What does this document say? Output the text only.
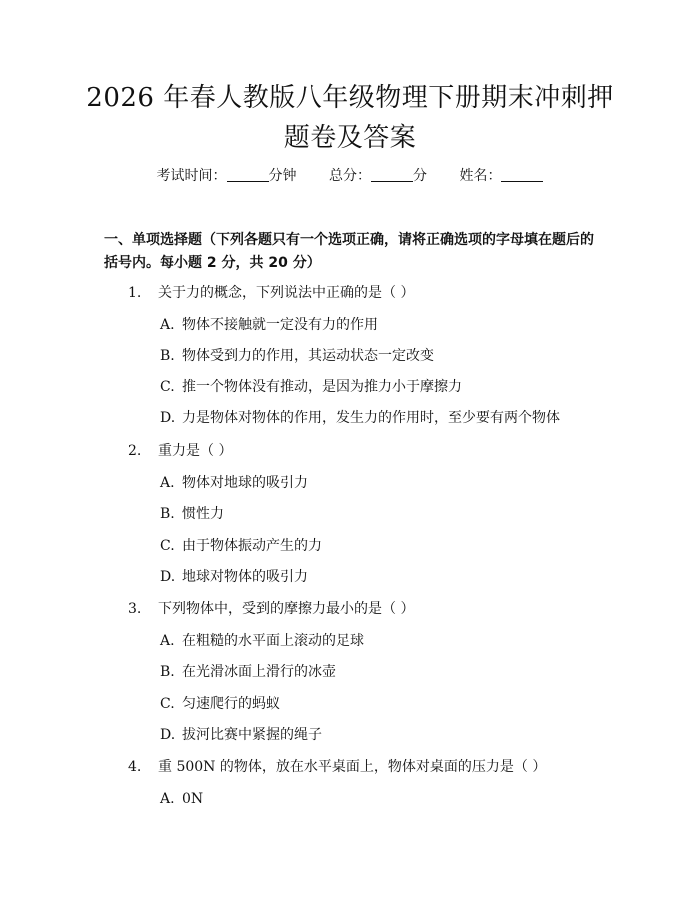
2026 年春人教版八年级物理下册期末冲刺押
题卷及答案
考试时间：	分钟 总分：	分 姓名：
一、单项选择题（下列各题只有一个选项正确，请将正确选项的字母填在题后的括号内。每小题 2 分，共 20 分）
1. 关于力的概念，下列说法中正确的是（ ）
A. 物体不接触就一定没有力的作用
B. 物体受到力的作用，其运动状态一定改变
C. 推一个物体没有推动，是因为推力小于摩擦力
D. 力是物体对物体的作用，发生力的作用时，至少要有两个物体
2. 重力是（ ）
A. 物体对地球的吸引力
B. 惯性力
C. 由于物体振动产生的力
D. 地球对物体的吸引力
3. 下列物体中，受到的摩擦力最小的是（ ）
A. 在粗糙的水平面上滚动的足球
B. 在光滑冰面上滑行的冰壶
C. 匀速爬行的蚂蚁
D. 拔河比赛中紧握的绳子
4. 重 500N 的物体，放在水平桌面上，物体对桌面的压力是（ ）
A. 0N
